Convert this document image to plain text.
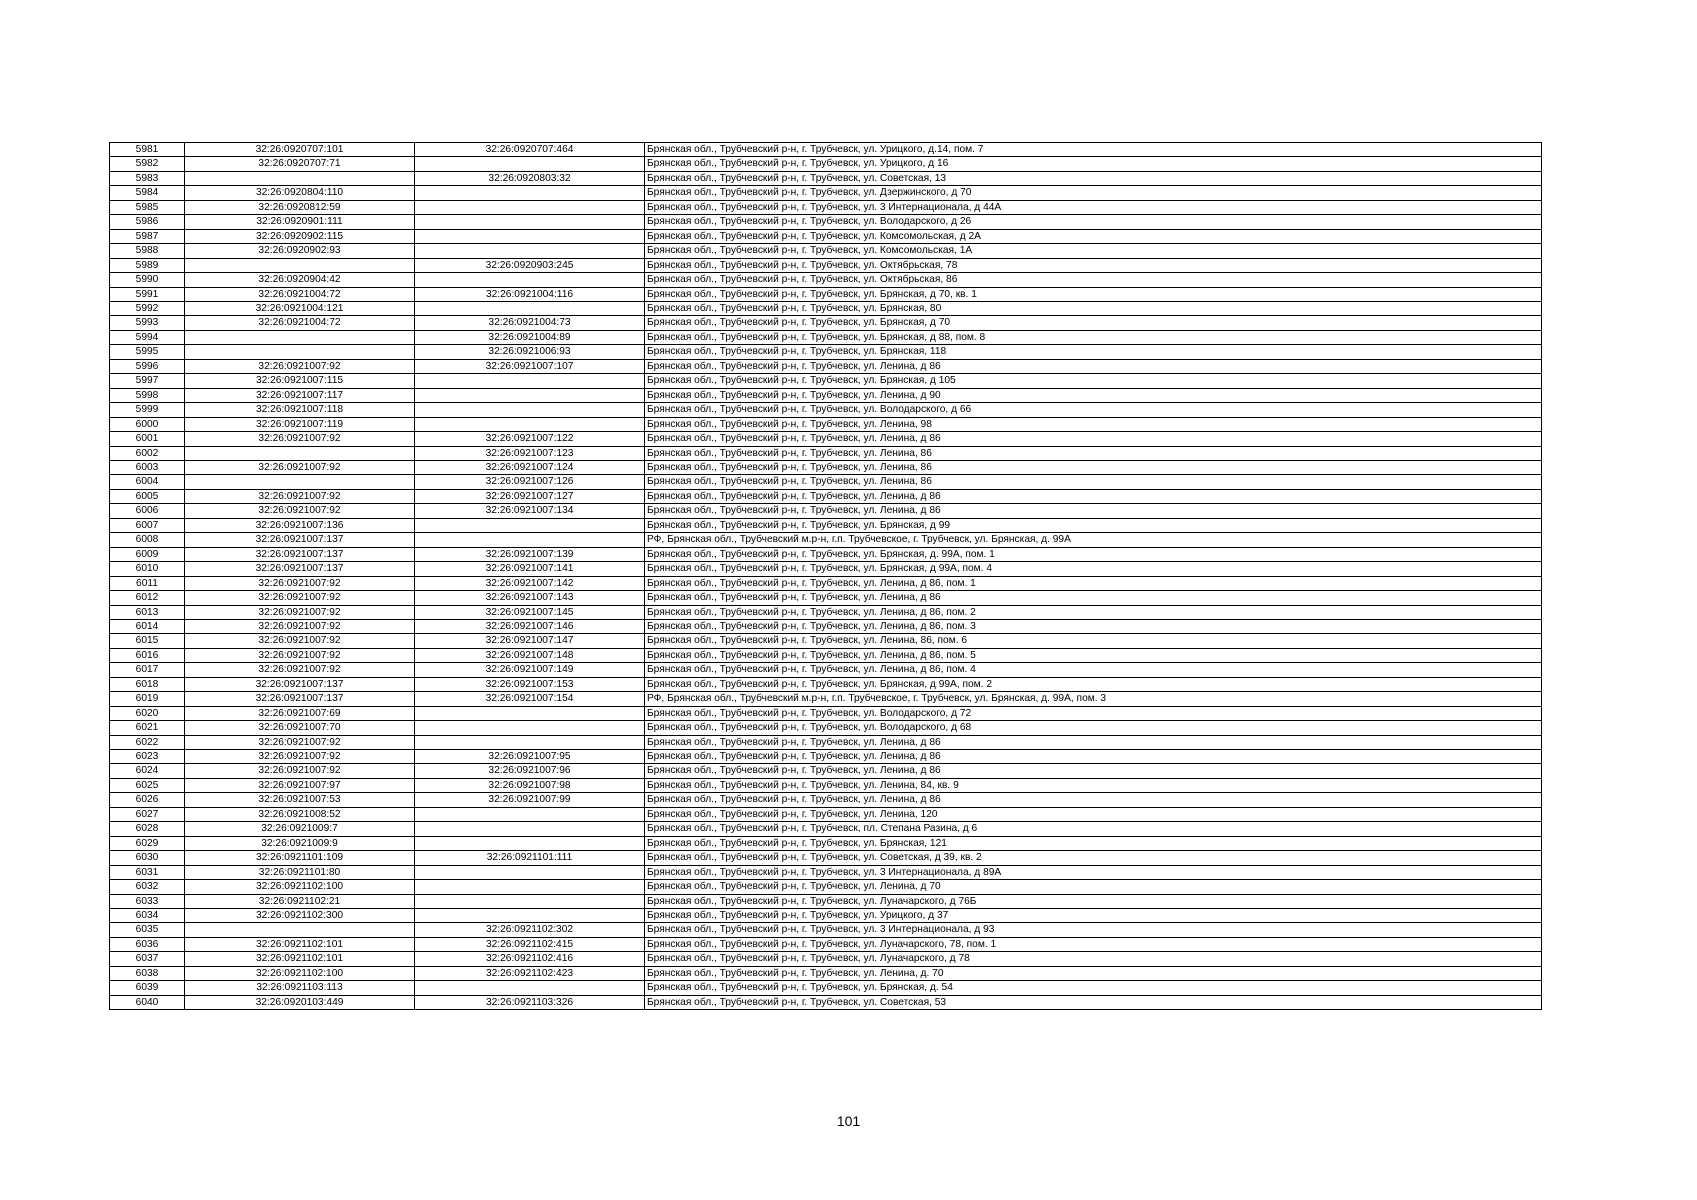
5981	32:26:0920707:101	32:26:0920707:464	Брянская обл., Трубчевский р-н, г. Трубчевск, ул. Урицкого, д.14, пом. 7
5982	32:26:0920707:71		Брянская обл., Трубчевский р-н, г. Трубчевск, ул. Урицкого, д 16
5983		32:26:0920803:32	Брянская обл., Трубчевский р-н, г. Трубчевск, ул. Советская, 13
5984	32:26:0920804:110		Брянская обл., Трубчевский р-н, г. Трубчевск, ул. Дзержинского, д 70
5985	32:26:0920812:59		Брянская обл., Трубчевский р-н, г. Трубчевск, ул. 3 Интернационала, д 44А
5986	32:26:0920901:111		Брянская обл., Трубчевский р-н, г. Трубчевск, ул. Володарского, д 26
5987	32:26:0920902:115		Брянская обл., Трубчевский р-н, г. Трубчевск, ул. Комсомольская, д 2А
5988	32:26:0920902:93		Брянская обл., Трубчевский р-н, г. Трубчевск, ул. Комсомольская, 1А
5989		32:26:0920903:245	Брянская обл., Трубчевский р-н, г. Трубчевск, ул. Октябрьская, 78
5990	32:26:0920904:42		Брянская обл., Трубчевский р-н, г. Трубчевск, ул. Октябрьская, 86
5991	32:26:0921004:72	32:26:0921004:116	Брянская обл., Трубчевский р-н, г. Трубчевск, ул. Брянская, д 70, кв. 1
5992	32:26:0921004:121		Брянская обл., Трубчевский р-н, г. Трубчевск, ул. Брянская, 80
5993	32:26:0921004:72	32:26:0921004:73	Брянская обл., Трубчевский р-н, г. Трубчевск, ул. Брянская, д 70
5994		32:26:0921004:89	Брянская обл., Трубчевский р-н, г. Трубчевск, ул. Брянская, д 88, пом. 8
5995		32:26:0921006:93	Брянская обл., Трубчевский р-н, г. Трубчевск, ул. Брянская, 118
5996	32:26:0921007:92	32:26:0921007:107	Брянская обл., Трубчевский р-н, г. Трубчевск, ул. Ленина, д 86
5997	32:26:0921007:115		Брянская обл., Трубчевский р-н, г. Трубчевск, ул. Брянская, д 105
5998	32:26:0921007:117		Брянская обл., Трубчевский р-н, г. Трубчевск, ул. Ленина, д 90
5999	32:26:0921007:118		Брянская обл., Трубчевский р-н, г. Трубчевск, ул. Володарского, д 66
6000	32:26:0921007:119		Брянская обл., Трубчевский р-н, г. Трубчевск, ул. Ленина, 98
6001	32:26:0921007:92	32:26:0921007:122	Брянская обл., Трубчевский р-н, г. Трубчевск, ул. Ленина, д 86
6002		32:26:0921007:123	Брянская обл., Трубчевский р-н, г. Трубчевск, ул. Ленина, 86
6003	32:26:0921007:92	32:26:0921007:124	Брянская обл., Трубчевский р-н, г. Трубчевск, ул. Ленина, 86
6004		32:26:0921007:126	Брянская обл., Трубчевский р-н, г. Трубчевск, ул. Ленина, 86
6005	32:26:0921007:92	32:26:0921007:127	Брянская обл., Трубчевский р-н, г. Трубчевск, ул. Ленина, д 86
6006	32:26:0921007:92	32:26:0921007:134	Брянская обл., Трубчевский р-н, г. Трубчевск, ул. Ленина, д 86
6007	32:26:0921007:136		Брянская обл., Трубчевский р-н, г. Трубчевск, ул. Брянская, д 99
6008	32:26:0921007:137		РФ, Брянская обл., Трубчевский м.р-н, г.п. Трубчевское, г. Трубчевск, ул. Брянская, д. 99А
6009	32:26:0921007:137	32:26:0921007:139	Брянская обл., Трубчевский р-н, г. Трубчевск, ул. Брянская, д. 99А, пом. 1
6010	32:26:0921007:137	32:26:0921007:141	Брянская обл., Трубчевский р-н, г. Трубчевск, ул. Брянская, д 99А, пом. 4
6011	32:26:0921007:92	32:26:0921007:142	Брянская обл., Трубчевский р-н, г. Трубчевск, ул. Ленина, д 86, пом. 1
6012	32:26:0921007:92	32:26:0921007:143	Брянская обл., Трубчевский р-н, г. Трубчевск, ул. Ленина, д 86
6013	32:26:0921007:92	32:26:0921007:145	Брянская обл., Трубчевский р-н, г. Трубчевск, ул. Ленина, д 86, пом. 2
6014	32:26:0921007:92	32:26:0921007:146	Брянская обл., Трубчевский р-н, г. Трубчевск, ул. Ленина, д 86, пом. 3
6015	32:26:0921007:92	32:26:0921007:147	Брянская обл., Трубчевский р-н, г. Трубчевск, ул. Ленина, 86, пом. 6
6016	32:26:0921007:92	32:26:0921007:148	Брянская обл., Трубчевский р-н, г. Трубчевск, ул. Ленина, д 86, пом. 5
6017	32:26:0921007:92	32:26:0921007:149	Брянская обл., Трубчевский р-н, г. Трубчевск, ул. Ленина, д 86, пом. 4
6018	32:26:0921007:137	32:26:0921007:153	Брянская обл., Трубчевский р-н, г. Трубчевск, ул. Брянская, д 99А, пом. 2
6019	32:26:0921007:137	32:26:0921007:154	РФ, Брянская обл., Трубчевский м.р-н, г.п. Трубчевское, г. Трубчевск, ул. Брянская, д. 99А, пом. 3
6020	32:26:0921007:69		Брянская обл., Трубчевский р-н, г. Трубчевск, ул. Володарского, д 72
6021	32:26:0921007:70		Брянская обл., Трубчевский р-н, г. Трубчевск, ул. Володарского, д 68
6022	32:26:0921007:92		Брянская обл., Трубчевский р-н, г. Трубчевск, ул. Ленина, д 86
6023	32:26:0921007:92	32:26:0921007:95	Брянская обл., Трубчевский р-н, г. Трубчевск, ул. Ленина, д 86
6024	32:26:0921007:92	32:26:0921007:96	Брянская обл., Трубчевский р-н, г. Трубчевск, ул. Ленина, д 86
6025	32:26:0921007:97	32:26:0921007:98	Брянская обл., Трубчевский р-н, г. Трубчевск, ул. Ленина, 84, кв. 9
6026	32:26:0921007:53	32:26:0921007:99	Брянская обл., Трубчевский р-н, г. Трубчевск, ул. Ленина, д 86
6027	32:26:0921008:52		Брянская обл., Трубчевский р-н, г. Трубчевск, ул. Ленина, 120
6028	32:26:0921009:7		Брянская обл., Трубчевский р-н, г. Трубчевск, пл. Степана Разина, д 6
6029	32:26:0921009:9		Брянская обл., Трубчевский р-н, г. Трубчевск, ул. Брянская, 121
6030	32:26:0921101:109	32:26:0921101:111	Брянская обл., Трубчевский р-н, г. Трубчевск, ул. Советская, д 39, кв. 2
6031	32:26:0921101:80		Брянская обл., Трубчевский р-н, г. Трубчевск, ул. 3 Интернационала, д 89А
6032	32:26:0921102:100		Брянская обл., Трубчевский р-н, г. Трубчевск, ул. Ленина, д 70
6033	32:26:0921102:21		Брянская обл., Трубчевский р-н, г. Трубчевск, ул. Луначарского, д 76Б
6034	32:26:0921102:300		Брянская обл., Трубчевский р-н, г. Трубчевск, ул. Урицкого, д 37
6035		32:26:0921102:302	Брянская обл., Трубчевский р-н, г. Трубчевск, ул. 3 Интернационала, д 93
6036	32:26:0921102:101	32:26:0921102:415	Брянская обл., Трубчевский р-н, г. Трубчевск, ул. Луначарского, 78, пом. 1
6037	32:26:0921102:101	32:26:0921102:416	Брянская обл., Трубчевский р-н, г. Трубчевск, ул. Луначарского, д 78
6038	32:26:0921102:100	32:26:0921102:423	Брянская обл., Трубчевский р-н, г. Трубчевск, ул. Ленина, д. 70
6039	32:26:0921103:113		Брянская обл., Трубчевский р-н, г. Трубчевск, ул. Брянская, д. 54
6040	32:26:0920103:449	32:26:0921103:326	Брянская обл., Трубчевский р-н, г. Трубчевск, ул. Советская, 53
101
